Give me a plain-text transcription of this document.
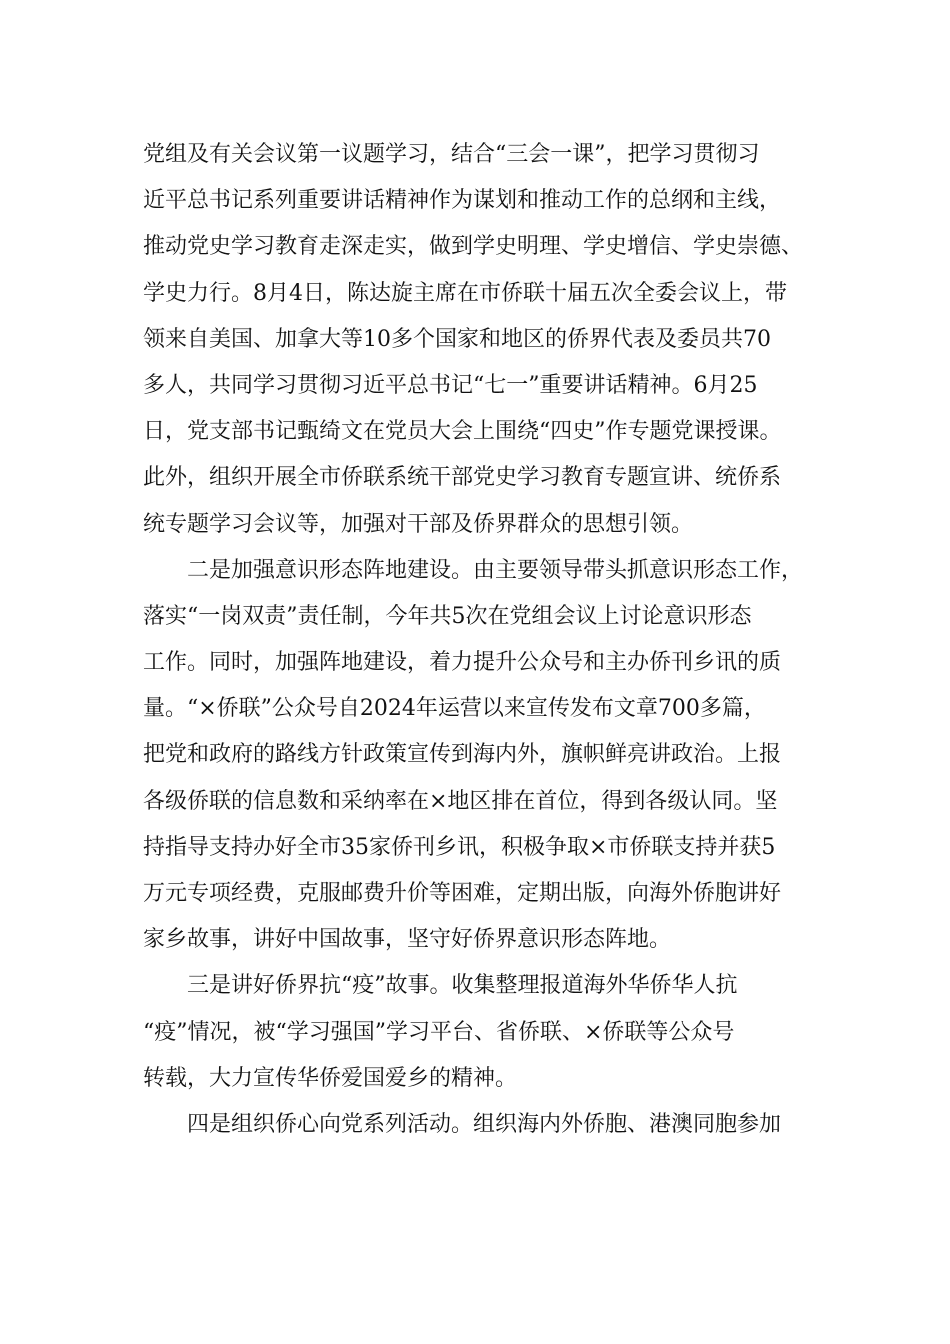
党组及有关会议第一议题学习，结合“三会一课”，把学习贯彻习
近平总书记系列重要讲话精神作为谋划和推动工作的总纲和主线，
推动党史学习教育走深走实，做到学史明理、学史增信、学史崇德、
学史力行。8月4日，陈达旋主席在市侨联十届五次全委会议上，带
领来自美国、加拿大等10多个国家和地区的侨界代表及委员共70
多人，共同学习贯彻习近平总书记“七一”重要讲话精神。6月25
日，党支部书记甄绮文在党员大会上围绕“四史”作专题党课授课。
此外，组织开展全市侨联系统干部党史学习教育专题宣讲、统侨系
统专题学习会议等，加强对干部及侨界群众的思想引领。
二是加强意识形态阵地建设。由主要领导带头抓意识形态工作，
落实“一岗双责”责任制，今年共5次在党组会议上讨论意识形态
工作。同时，加强阵地建设，着力提升公众号和主办侨刊乡讯的质
量。“×侨联”公众号自2024年运营以来宣传发布文章700多篇，
把党和政府的路线方针政策宣传到海内外，旗帜鲜亮讲政治。上报
各级侨联的信息数和采纳率在×地区排在首位，得到各级认同。坚
持指导支持办好全市35家侨刊乡讯，积极争取×市侨联支持并获5
万元专项经费，克服邮费升价等困难，定期出版，向海外侨胞讲好
家乡故事，讲好中国故事，坚守好侨界意识形态阵地。
三是讲好侨界抗“疫”故事。收集整理报道海外华侨华人抗
“疫”情况，被“学习强国”学习平台、省侨联、×侨联等公众号
转载，大力宣传华侨爱国爱乡的精神。
四是组织侨心向党系列活动。组织海内外侨胞、港澳同胞参加
